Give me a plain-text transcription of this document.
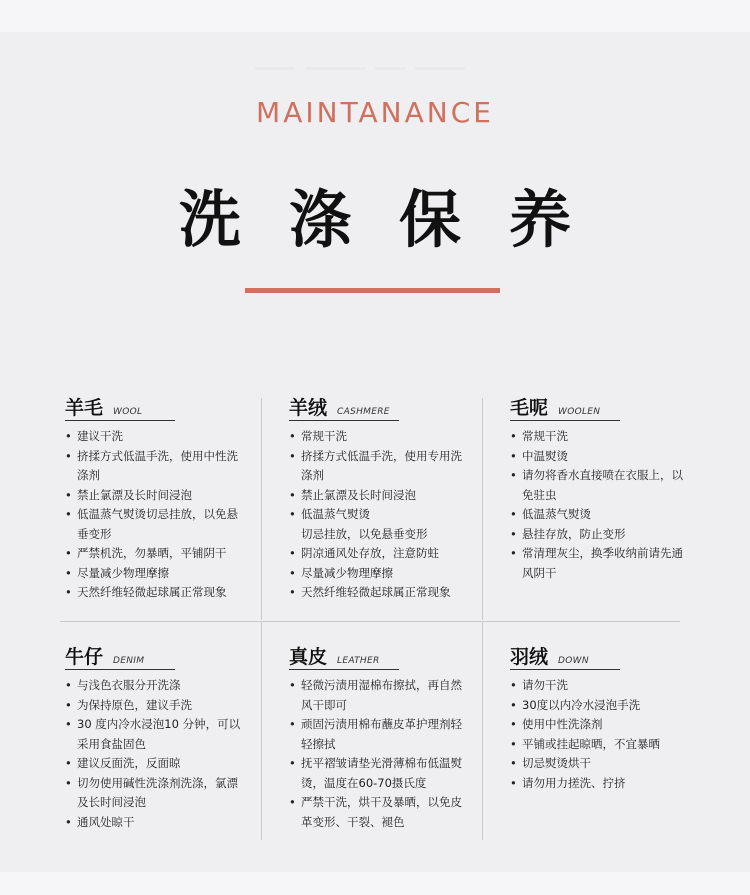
MAINTANANCE
洗涤保养
羊毛 WOOL
• 建议干洗
• 挤揉方式低温手洗，使用中性洗涤剂
• 禁止氯漂及长时间浸泡
• 低温蒸气熨烫切忌挂放，以免悬垂变形
• 严禁机洗，勿暴晒，平铺阴干
• 尽量减少物理摩擦
• 天然纤维轻微起球属正常现象
羊绒 CASHMERE
• 常规干洗
• 挤揉方式低温手洗，使用专用洗涤剂
• 禁止氯漂及长时间浸泡
• 低温蒸气熨烫
切忌挂放，以免悬垂变形
• 阴凉通风处存放，注意防蛀
• 尽量减少物理摩擦
• 天然纤维轻微起球属正常现象
毛呢 WOOLEN
• 常规干洗
• 中温熨烫
• 请勿将香水直接喷在衣服上，以免驻虫
• 低温蒸气熨烫
• 悬挂存放，防止变形
• 常清理灰尘，换季收纳前请先通风阴干
牛仔 DENIM
• 与浅色衣服分开洗涤
• 为保持原色，建议手洗
• 30 度内冷水浸泡10 分钟，可以采用食盐固色
• 建议反面洗，反面晾
• 切勿使用碱性洗涤剂洗涤，氯漂及长时间浸泡
• 通风处晾干
真皮 LEATHER
• 轻微污渍用湿棉布擦拭，再自然风干即可
• 顽固污渍用棉布蘸皮革护理剂轻轻擦拭
• 抚平褶皱请垫光滑薄棉布低温熨烫，温度在60-70摄氏度
• 严禁干洗，烘干及暴晒，以免皮革变形、干裂、褪色
羽绒 DOWN
• 请勿干洗
• 30度以内冷水浸泡手洗
• 使用中性洗涤剂
• 平铺或挂起晾晒，不宜暴晒
• 切忌熨烫烘干
• 请勿用力搓洗、拧挤
